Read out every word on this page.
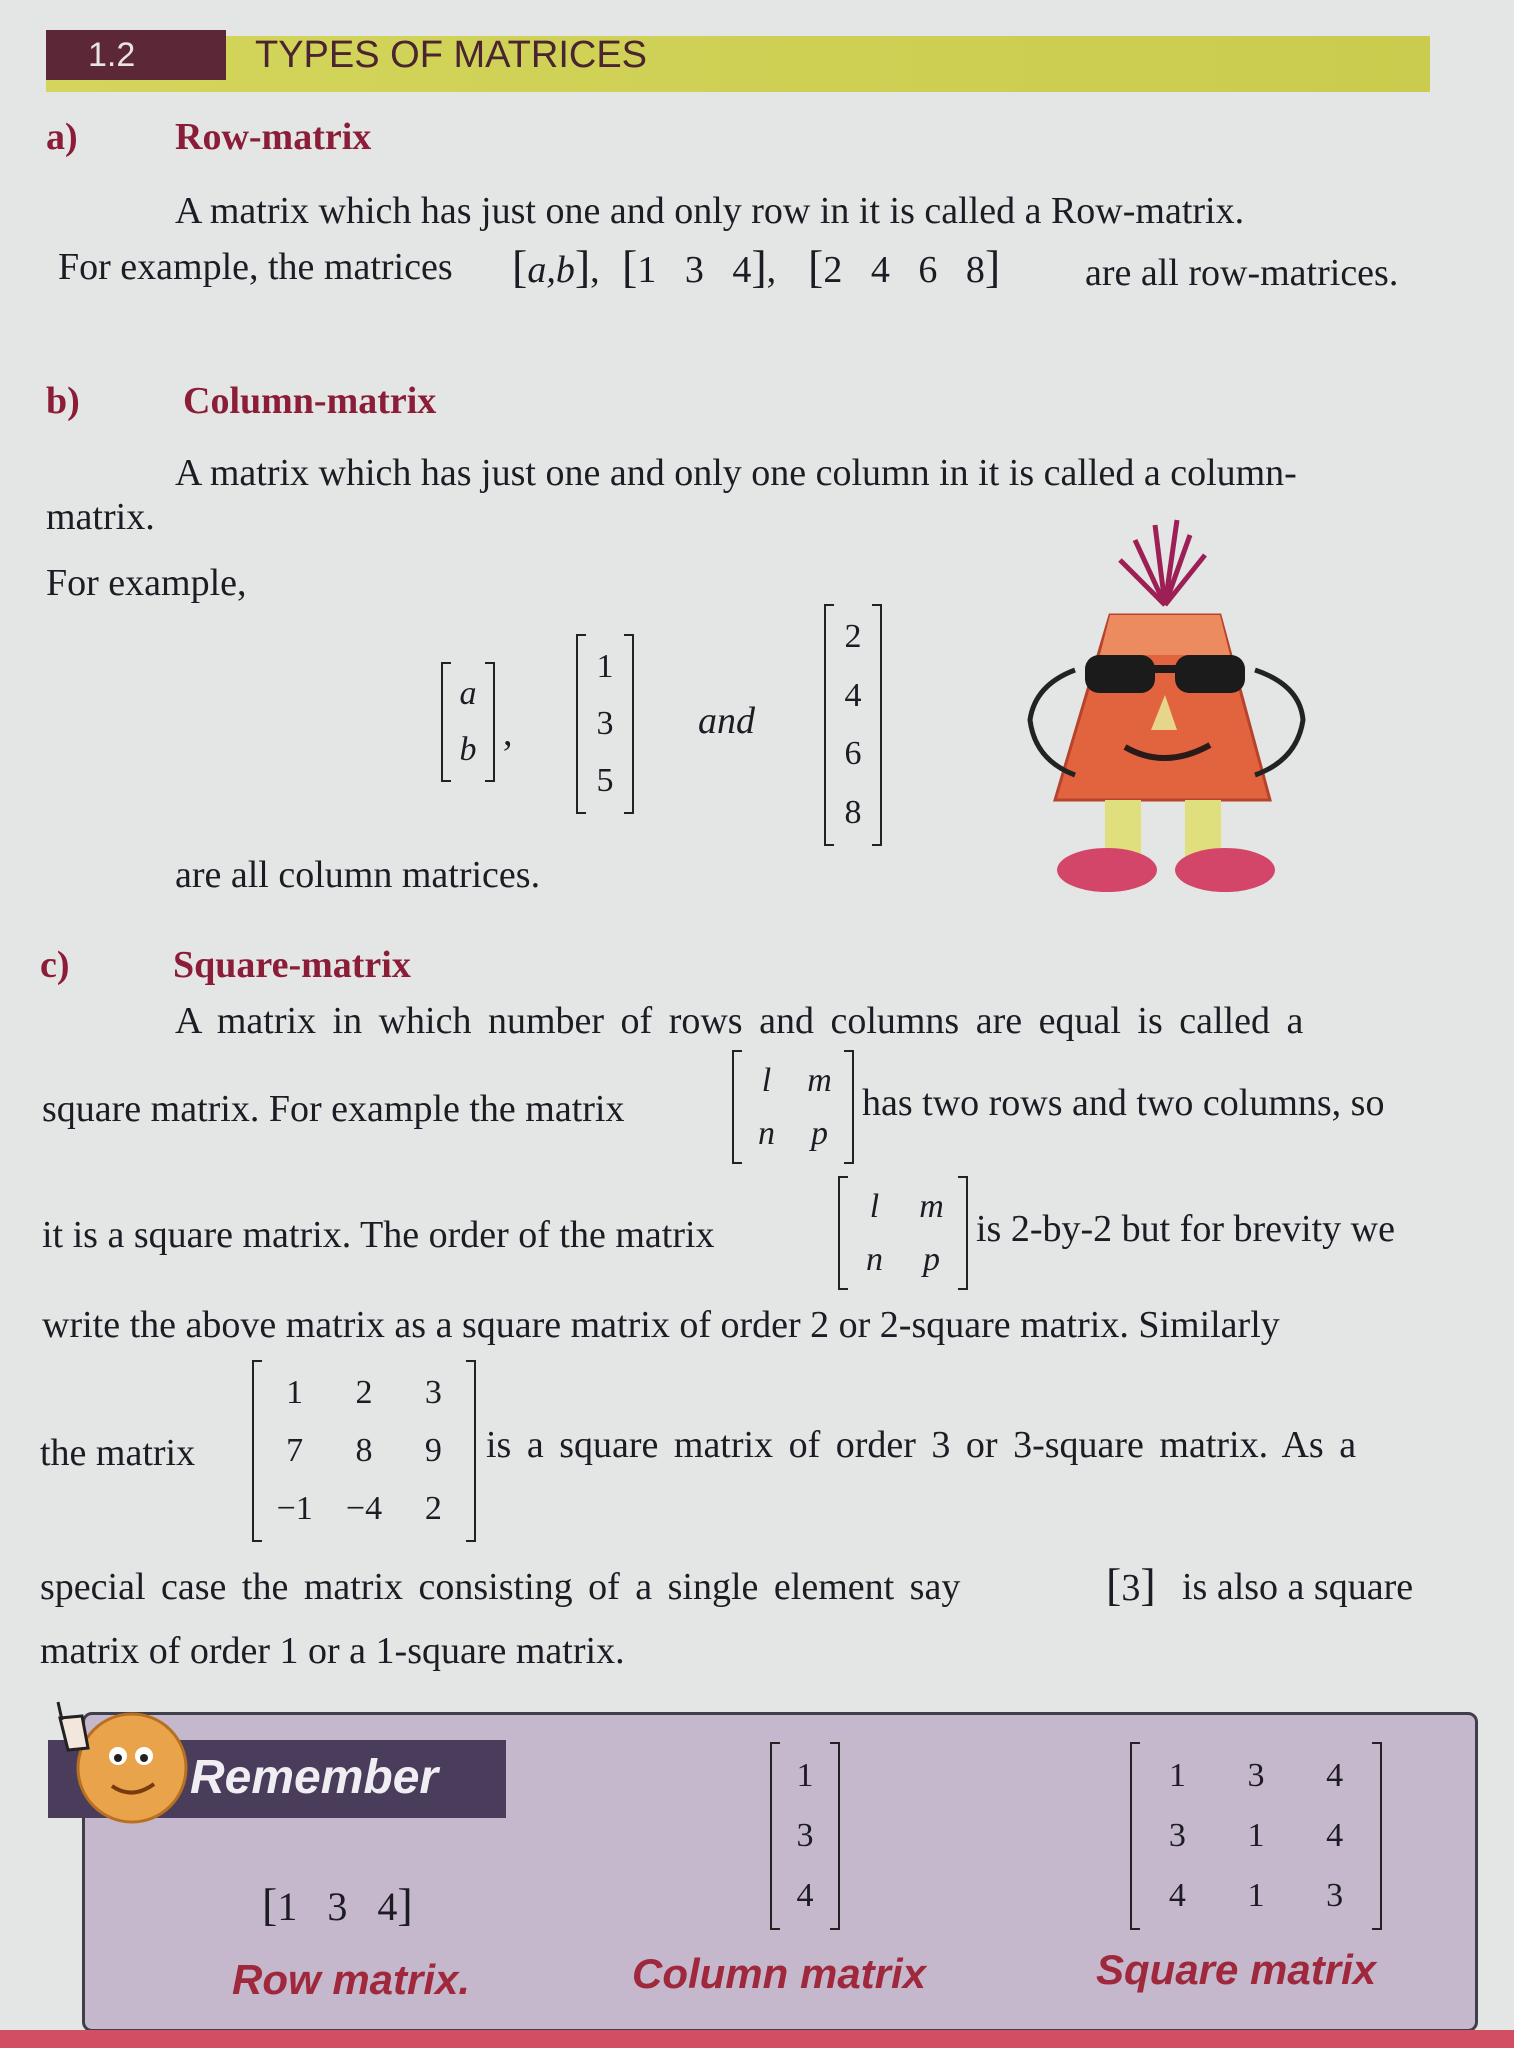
1.2	TYPES OF MATRICES
a)	Row-matrix
A matrix which has just one and only row in it is called a Row-matrix.
For example, the matrices [a,b], [1   3   4], [2   4   6   8] are all row-matrices.
b)	Column-matrix
A matrix which has just one and only one column in it is called a column-
matrix.
For example,
a
b ,
1
3
5
and
2
4
6
8
are all column matrices.
c)	Square-matrix
A matrix in which number of rows and columns are equal is called a
square matrix. For example the matrix
l	m
n	p
has two rows and two columns, so
it is a square matrix. The order of the matrix
l	m
n	p
is 2-by-2 but for brevity we
write the above matrix as a square matrix of order 2 or 2-square matrix. Similarly
the matrix
1	2	3
7	8	9
−1 −4	2
is a square matrix of order 3 or 3-square matrix. As a
special case the matrix consisting of a single element say	[3] is also a square
matrix of order 1 or a 1-square matrix.
Remember
[1   3   4]
Row matrix.
1
3
4
Column matrix
1	3	4
3	1	4
4	1	3
Square matrix
